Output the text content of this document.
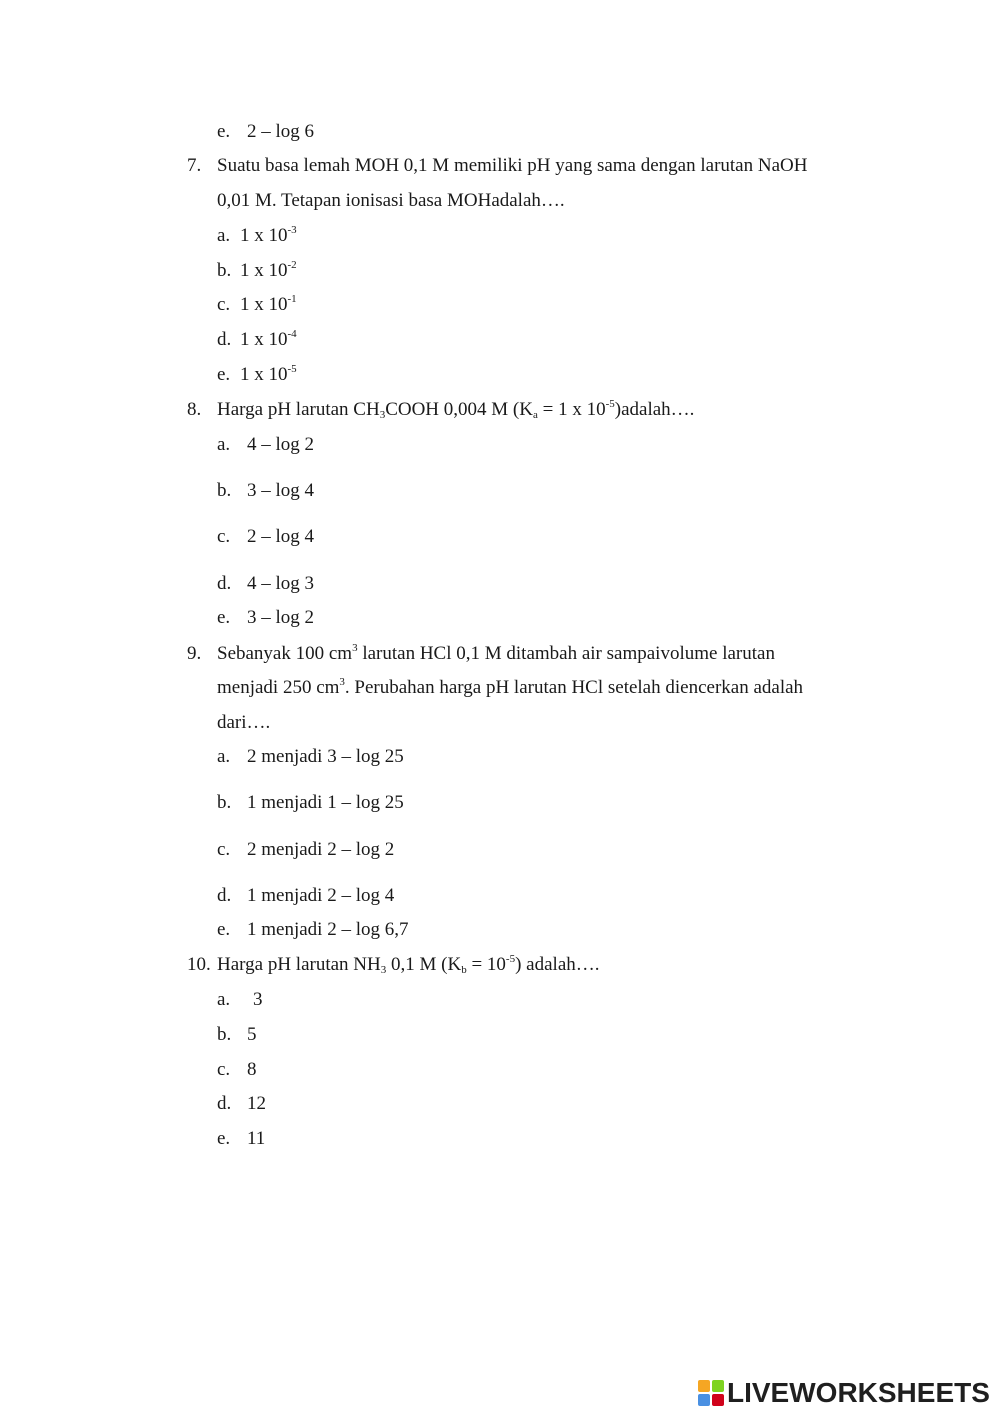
e. 2 – log 6
7. Suatu basa lemah MOH 0,1 M memiliki pH yang sama dengan larutan NaOH
0,01 M. Tetapan ionisasi basa MOHadalah….
a. 1 x $10^{-3}$
b. 1 x $10^{-2}$
c. 1 x $10^{-1}$
d. 1 x $10^{-4}$
e. 1 x $10^{-5}$
8. Harga pH larutan $CH_3COOH$ 0,004 M ($K_a = 1$ x $10^{-5})adalah\dots$.
a. 4 – log 2
b. 3 – log 4
c. 2 – log 4
d. 4 – log 3
e. 3 – log 2
9. Sebanyak 100 $cm^3$ larutan HCl 0,1 M ditambah air sampaivolume larutan
menjadi 250 $cm^3$. Perubahan harga pH larutan HCl setelah diencerkan adalah
dari….
a. 2 menjadi 3 – log 25
b. 1 menjadi 1 – log 25
c. 2 menjadi 2 – log 2
d. 1 menjadi 2 – log 4
e. 1 menjadi 2 – log 6,7
10. Harga pH larutan $NH_3$ 0,1 M $(K_b = 10^{-5})$ adalah….
a. 3
b. 5
c. 8
d. 12
e. 11
LIVEWORKSHEETS
